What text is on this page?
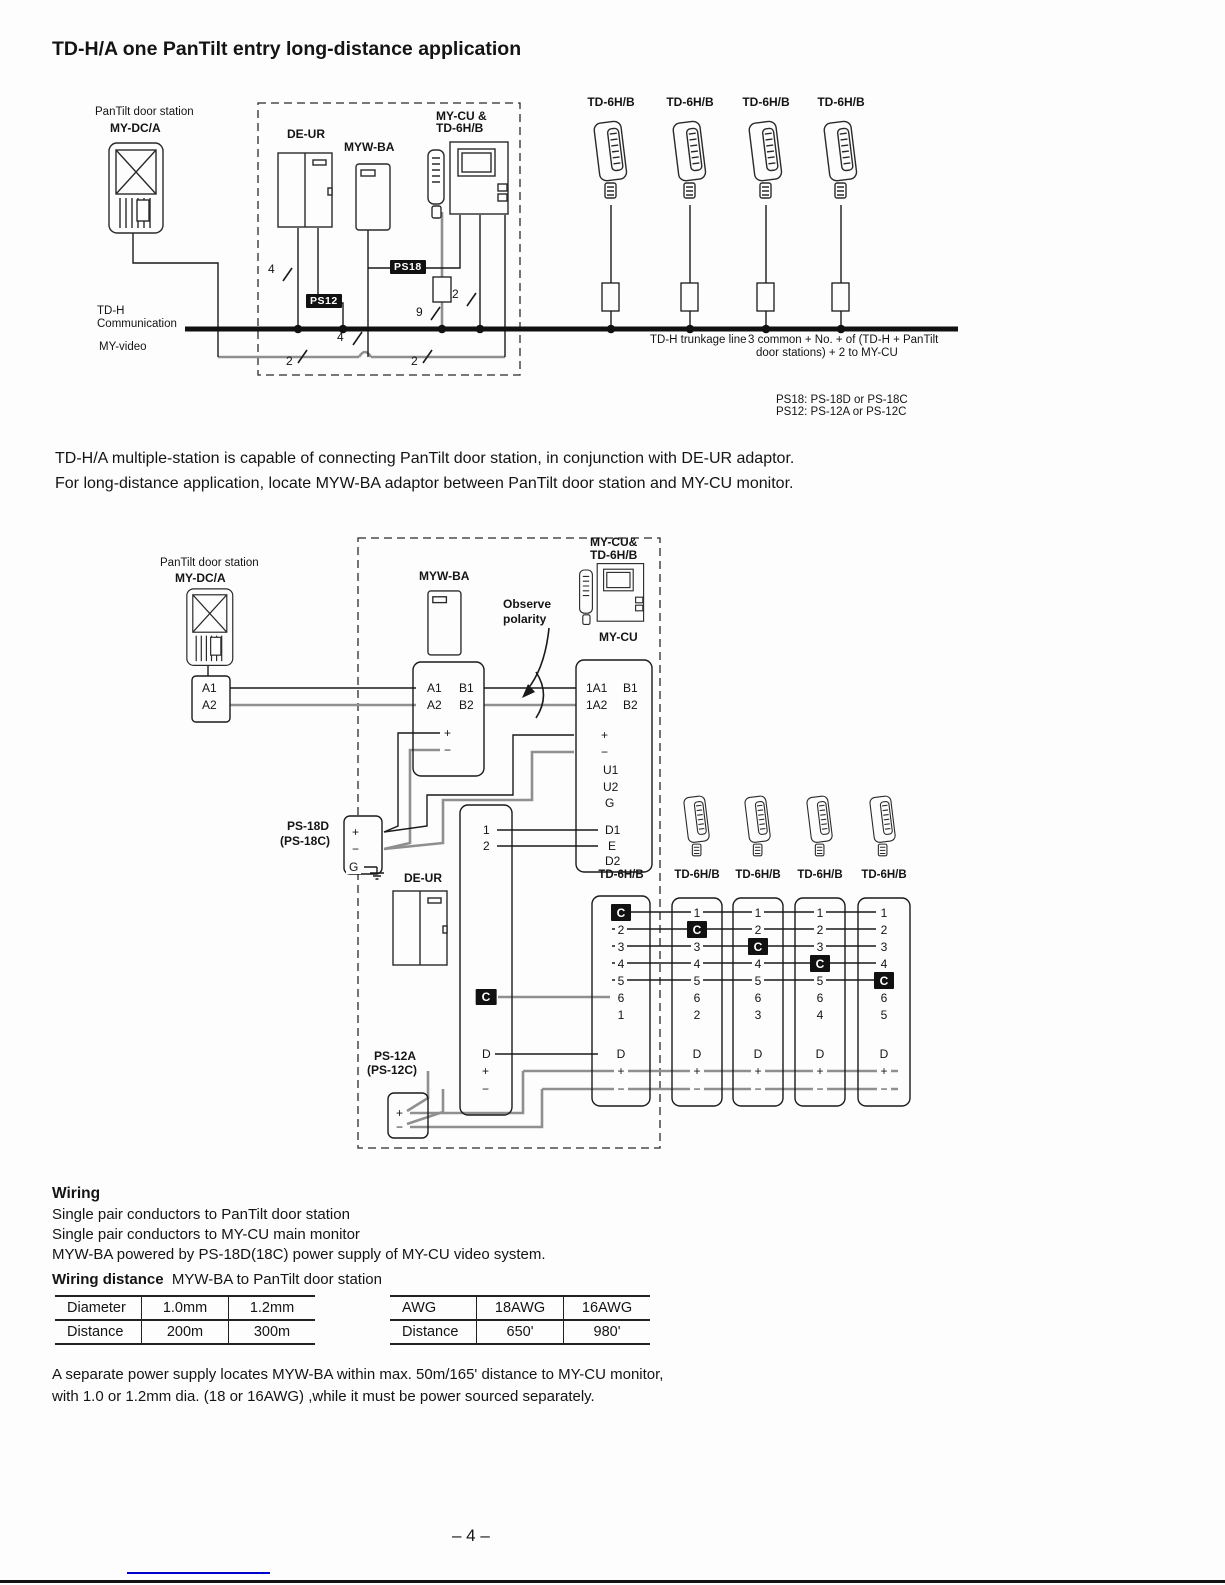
TD-H/A one PanTilt entry long-distance application
PanTilt door station
MY-DC/A	DE-UR
MYW-BA
MY-CU &
TD-6H/B
TD-6H/B	TD-6H/B TD-6H/B TD-6H/B
PS18
PS12
4
9
2
4
2	2
TD-H
Communication
MY-video
TD-H trunkage line 3 common + No. + of (TD-H + PanTilt
door stations) + 2 to MY-CU
PS18: PS-18D or PS-18C
PS12: PS-12A or PS-12C
TD-H/A multiple-station is capable of connecting PanTilt door station, in conjunction with DE-UR adaptor.
For long-distance application, locate MYW-BA adaptor between PanTilt door station and MY-CU monitor.
PanTilt door station
MY-DC/A
A1
A2
MYW-BA
A1 B1
A2 B2
+
−
Observe
polarity
MY-CU&
TD-6H/B
MY-CU
1A1 B1
1A2 B2
+
−
U1
U2
G
D1
E
D2
PS-18D
(PS-18C)
+
−
G
DE-UR
1
2
C
D
+
−
PS-12A
(PS-12C)
+
−
TD-6H/B	TD-6H/B TD-6H/B TD-6H/B TD-6H/B
C
2
3
4
5
6
1
D
+
−
1
C
3
4
5
6
2
D
+
−
1
2
C
4
5
6
3
D
+
−
1
2
3
C
5
6
4
D
+
−
1
2
3
4
C
6
5
D
+
−
Wiring
Single pair conductors to PanTilt door station
Single pair conductors to MY-CU main monitor
MYW-BA powered by PS-18D(18C) power supply of MY-CU video system.
Wiring distance  MYW-BA to PanTilt door station
Diameter	1.0mm	1.2mm
Distance	200m	300m
AWG	18AWG	16AWG
Distance	650'	980'
A separate power supply locates MYW-BA within max. 50m/165' distance to MY-CU monitor,
with 1.0 or 1.2mm dia. (18 or 16AWG) ,while it must be power sourced separately.
– 4 –
